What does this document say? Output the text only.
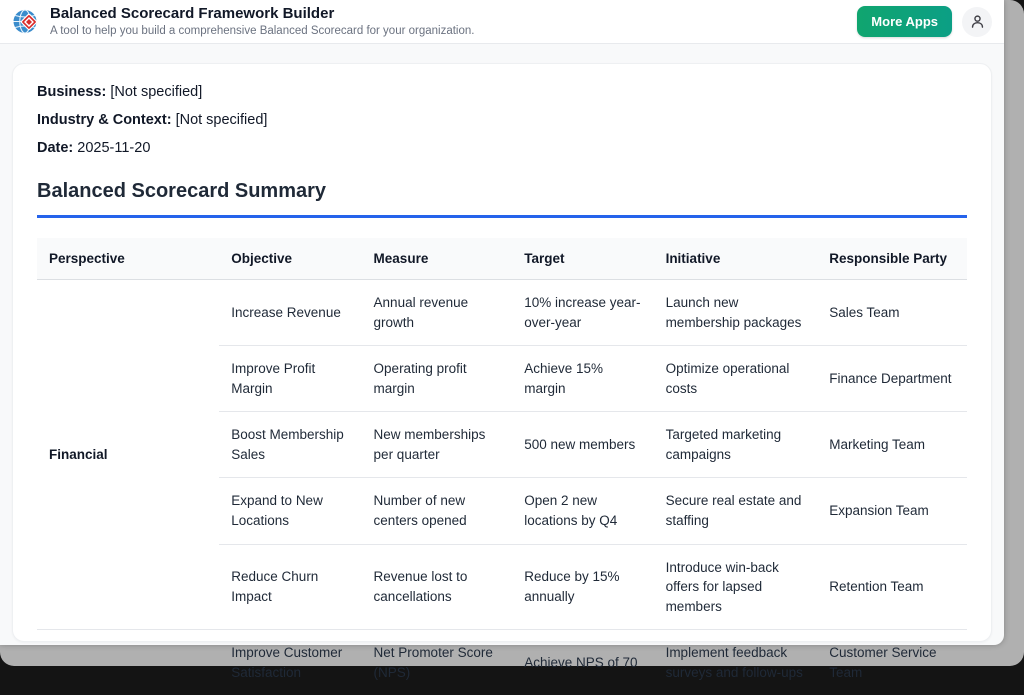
Balanced Scorecard Framework Builder
A tool to help you build a comprehensive Balanced Scorecard for your organization.
More Apps
Business: [Not specified]
Industry & Context: [Not specified]
Date: 2025-11-20
Balanced Scorecard Summary
Perspective	Objective	Measure	Target	Initiative	Responsible Party
Financial	Increase Revenue	Annual revenue growth	10% increase year-over-year	Launch new membership packages	Sales Team
	Improve Profit Margin	Operating profit margin	Achieve 15% margin	Optimize operational costs	Finance Department
	Boost Membership Sales	New memberships per quarter	500 new members	Targeted marketing campaigns	Marketing Team
	Expand to New Locations	Number of new centers opened	Open 2 new locations by Q4	Secure real estate and staffing	Expansion Team
	Reduce Churn Impact	Revenue lost to cancellations	Reduce by 15% annually	Introduce win-back offers for lapsed members	Retention Team
	Improve Customer Satisfaction	Net Promoter Score (NPS)	Achieve NPS of 70	Implement feedback surveys and follow-ups	Customer Service Team
